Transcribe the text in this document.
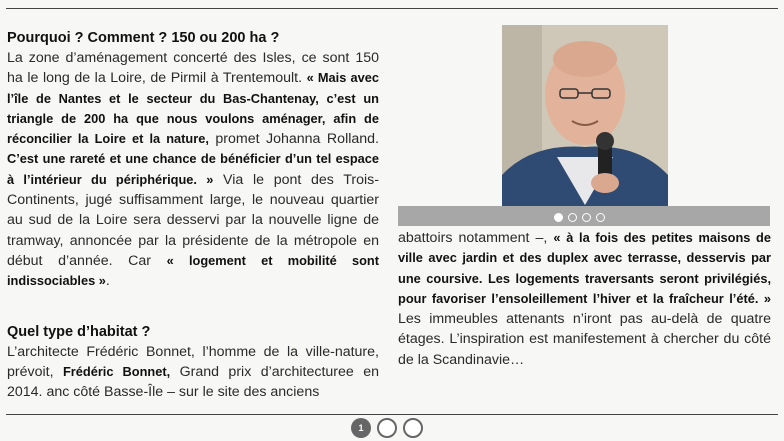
Pourquoi ? Comment ? 150 ou 200 ha ?

La zone d’aménagement concerté des Isles, ce sont 150 ha le long de la Loire, de Pirmil à Trentemoult. « Mais avec l’île de Nantes et le secteur du Bas-Chantenay, c’est un triangle de 200 ha que nous voulons aménager, afin de réconcilier la Loire et la nature, promet Johanna Rolland. C’est une rareté et une chance de bénéficier d’un tel espace à l’intérieur du périphérique. » Via le pont des Trois-Continents, jugé suffisamment large, le nouveau quartier au sud de la Loire sera desservi par la nouvelle ligne de tramway, annoncée par la présidente de la métropole en début d’année. Car « logement et mobilité sont indissociables ».

Quel type d’habitat ?

L’architecte Frédéric Bonnet, l’homme de la ville-nature, prévoit, Frédéric Bonnet, Grand prix d’architecturee en 2014. anc côté Basse-Île – sur le site des anciens

abattoirs notamment –, « à la fois des petites maisons de ville avec jardin et des duplex avec terrasse, desservis par une coursive. Les logements traversants seront privilégiés, pour favoriser l’ensoleillement l’hiver et la fraîcheur l’été. » Les immeubles attenants n’iront pas au-delà de quatre étages. L’inspiration est manifestement à chercher du côté de la Scandinavie…

1
